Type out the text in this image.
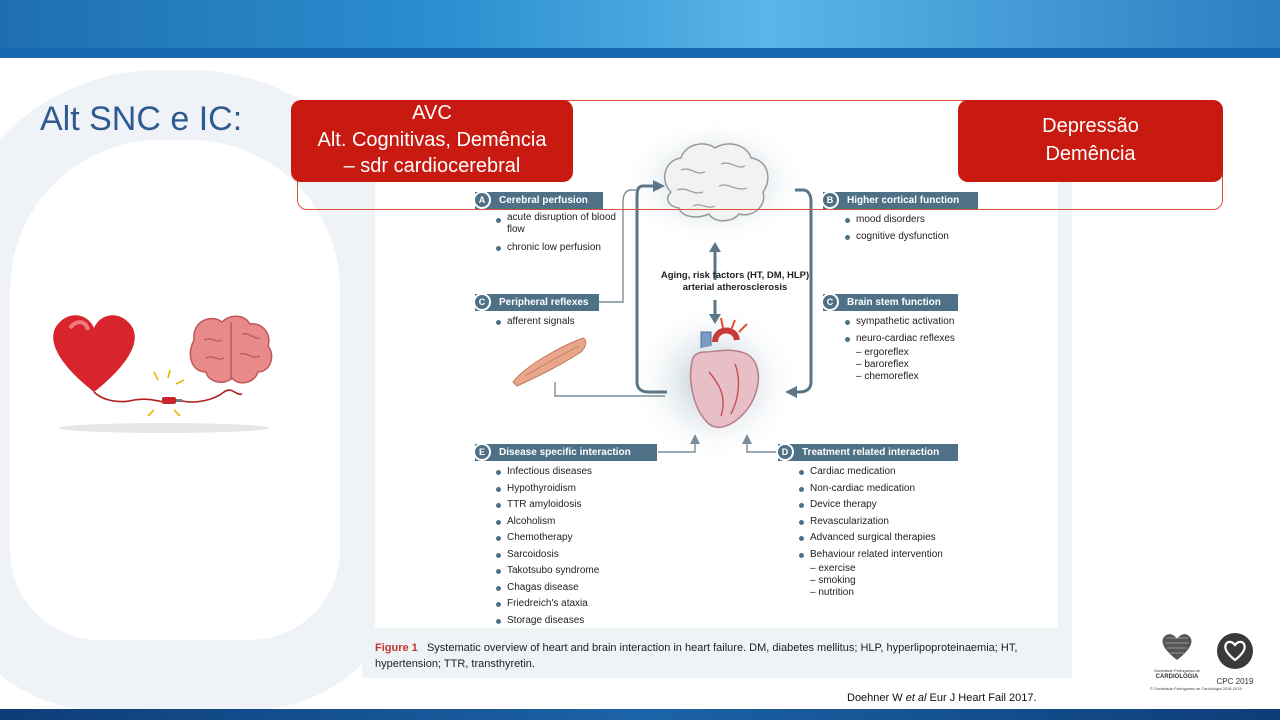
Alt SNC e IC:
A	Cerebral perfusion
acute disruption of blood flow
chronic low perfusion
B	Higher cortical function
mood disorders
cognitive dysfunction
Aging, risk factors (HT, DM, HLP)
arterial atherosclerosis
C	Peripheral reflexes
afferent signals
C	Brain stem function
sympathetic activation
neuro-cardiac reflexes
– ergoreflex
– baroreflex
– chemoreflex
E	Disease specific interaction
Infectious diseases
Hypothyroidism
TTR amyloidosis
Alcoholism
Chemotherapy
Sarcoidosis
Takotsubo syndrome
Chagas disease
Friedreich's ataxia
Storage diseases
D	Treatment related interaction
Cardiac medication
Non-cardiac medication
Device therapy
Revascularization
Advanced surgical therapies
Behaviour related intervention
– exercise
– smoking
– nutrition
Figure 1 Systematic overview of heart and brain interaction in heart failure. DM, diabetes mellitus; HLP, hyperlipoproteinaemia; HT, hypertension; TTR, transthyretin.
AVC
Alt. Cognitivas, Demência
– sdr cardiocerebral
Depressão
Demência
Doehner W et al Eur J Heart Fail 2017.
Sociedade Portuguesa de
CARDIOLOGIA
© Sociedade Portuguesa de Cardiologia 2018-2019
CPC 2019
